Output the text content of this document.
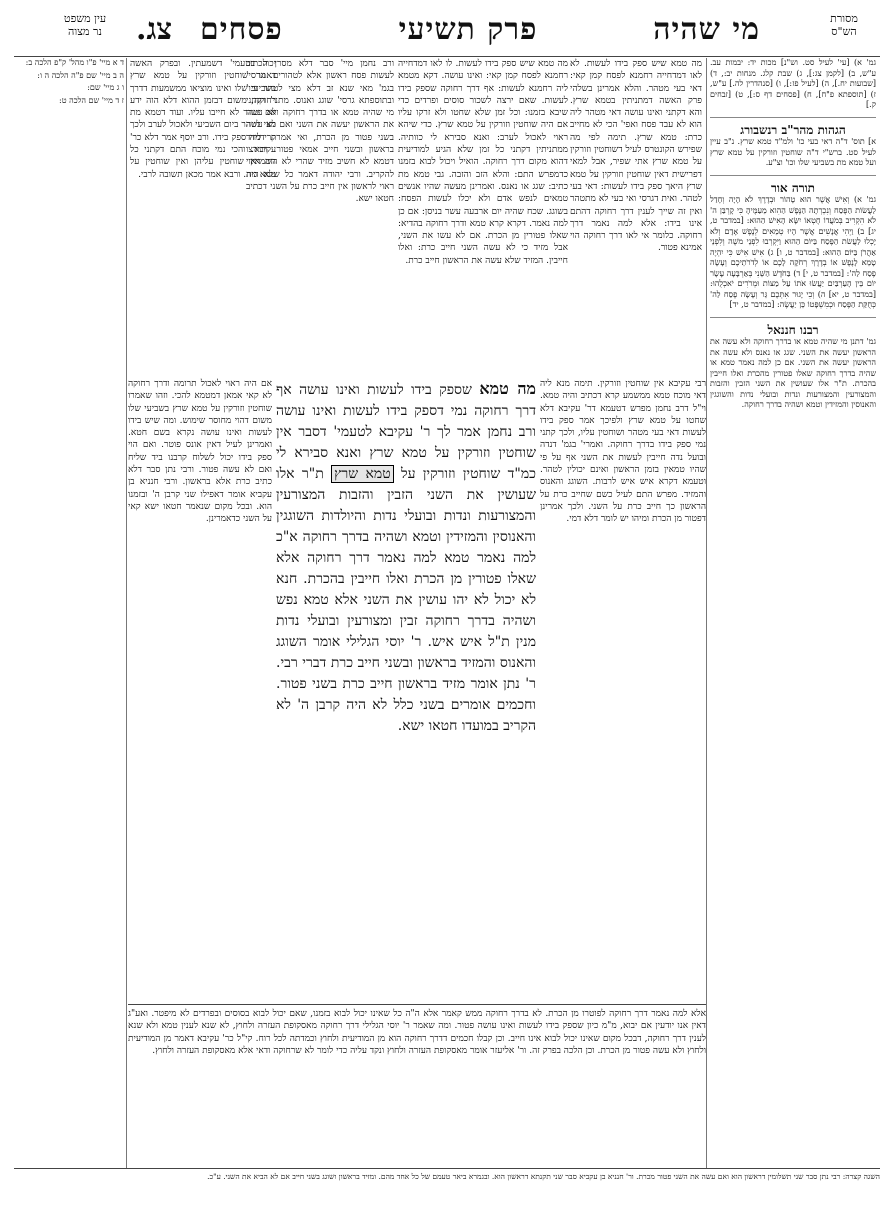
מסורת
הש"ס
מי שהיה
פרק תשיעי
פסחים
צג.
עין משפט
נר מצוה

גמ' א) [עי' לעיל סט. וש"נ] מכות יד: יבמות עב. ע"ש, ב) [לקמן צג:], ג) שבת קלג. מנחות יב:, ד) [שבועות יח.], ה) [לעיל פז:], ו) [סנהדרין לה.] ע"ש, ז) [תוספתא פ"ח], ח) [פסחים דף ס:], ט) [זבחים ק.]

הגהות מהר"ב רנשבורג

א] תוס' ד"ה דאי בעי כו' ולמ"ד טמא שרץ. נ"ב עיין לעיל סט. ברש"י ד"ה שוחטין וזורקין על טמא שרץ ועל טמא מת בשביעי שלו וכו' וצ"ע.

תורה אור

גמ' א) וְאִישׁ אֲשֶׁר הוּא טָהוֹר וּבְדֶרֶךְ לֹא הָיָה וְחָדַל לַעֲשׂוֹת הַפֶּסַח וְנִכְרְתָה הַנֶּפֶשׁ הַהִוא מֵעַמֶּיהָ כִּי קָרְבַּן ה' לֹא הִקְרִיב בְּמֹעֲדוֹ חֶטְאוֹ יִשָּׂא הָאִישׁ הַהוּא: [במדבר ט, יג] ב) וַיְהִי אֲנָשִׁים אֲשֶׁר הָיוּ טְמֵאִים לְנֶפֶשׁ אָדָם וְלֹא יָכְלוּ לַעֲשׂת הַפֶּסַח בַּיּוֹם הַהוּא וַיִּקְרְבוּ לִפְנֵי משֶׁה וְלִפְנֵי אַהֲרֹן בַּיּוֹם הַהוּא: [במדבר ט, ו] ג) אִישׁ אִישׁ כִּי יִהְיֶה טָמֵא לָנֶפֶשׁ אוֹ בְדֶרֶךְ רְחֹקָה לָכֶם אוֹ לְדֹרֹתֵיכֶם וְעָשָׂה פֶסַח לַה': [במדבר ט, י] ד) בַּחֹדֶשׁ הַשֵּׁנִי בְּאַרְבָּעָה עָשָׂר יוֹם בֵּין הָעַרְבַּיִם יַעֲשׂוּ אֹתוֹ עַל מַצּוֹת וּמְרֹרִים יֹאכְלֻהוּ: [במדבר ט, יא] ה) וְכִי יָגוּר אִתְּכֶם גֵּר וְעָשָׂה פֶסַח לַה' כְּחֻקַּת הַפֶּסַח וּכְמִשְׁפָּטוֹ כֵּן יַעֲשֶׂה: [במדבר ט, יד]

רבנו חננאל

גמ' דתנן מי שהיה טמא או בדרך רחוקה ולא עשה את הראשון יעשה את השני. שגג או נאנס ולא עשה את הראשון יעשה את השני. אם כן למה נאמר טמא או שהיה בדרך רחוקה שאלו פטורין מהכרת ואלו חייבין בהכרת. ת"ר אלו שעושין את השני הזבין והזבות והמצורעין והמצורעות ונדות ובועלי נדות והשוגגין והאנוסין והמזידין וטמא ושהיה בדרך רחוקה.

ד א מיי' פ"ו מהל' ק"פ הלכה ב:

ה ב מיי' שם פ"ה הלכה ה ו:

ו ג מיי' שם:

ז ד מיי' שם הלכה ט:

מה טמא שיש ספק בידו לעשות. לא לאו דמדחייה רחמנא לפסח קמן קאי: דאי בעי מטהר. והלא אמרינן בשלהי פרק האשה דמתניתין בטמא שרץ. והא דקתני ואינו עושה דאי מטהר ליה הוא לא עבד פסח ואפי' הכי לא מחייב כרת: טמא שרץ. תימה לפי מה שפירש הקונטרס לעיל דשוחטין וזורקין על טמא שרץ אתי שפיר, אבל למאי דפרישית דאין שוחטין וזורקין על טמא שרץ היאך ספק בידו לעשות: דאי בעי לטהר. ואית דגרסי ואי בעי לא מתטהר ואין זה שייך לענין דרך רחוקה דהתם אינו בידו: אלא למה נאמר דרך רחוקה. כלומר אי לאו דרך רחוקה הוי אמינא פטור.

מה טמא שיש ספק בידו לעשות. לו לאו דמדחייה רחמנא לפסח קמן קאי: ואינו עושה. דקא מטמא ליה רחמנא לעשות: אף דרך רחוקה שספק בידו לעשות. שאם ירצה לשכור סוסים ופרדים כדי שיבא בזמנו: וכל זמן שלא שחטו ולא זרקו עליו אם היה שוחטין וזורקין על טמא שרץ. כדי שיהא ראוי לאכול לערב: ואנא סבירא לי כוותיה. ממתניתין דקתני כל זמן שלא הגיע למודיעית דהוא מקום דרך רחוקה. הואיל ויכול לבוא בזמנו כדמפרש התם: והלא הזב והזבה. גבי טמא מת כתיב: שגג או נאנס. ואמרינן מעשה שהיו אנשים טמאים לנפש אדם ולא יכלו לעשות הפסח: בשוגג. שכח שהיה יום ארבעה עשר בניסן: אם כן למה נאמר. דקרא קרא טמא ודרך רחוקה בהדיא: שאלו פטורין מן הכרת. אם לא עשו את השני, אבל מזיד כי לא עשה השני חייב כרת: ואלו חייבין. המזיד שלא עשה את הראשון חייב כרת.

ורב נחמן מיי' סבר דלא מסרן הכתוב לעשות פסח ראשון אלא לטהורים. וגרסי' בגמ' מאי שנא זב דלא מצי לטהר וכו' ובתוספתא גרסי' שוגג ואנוס. מתני' דקתני מי שהיה טמא או בדרך רחוקה ולא עשה את הראשון יעשה את השני ואם לא עשה בשני פטור מן הכרת, ואי אמרת דמזיד בראשון ובשני חייב אמאי פטור. ותירצו דטמא לא חשיב מזיד שהרי לא היה ראוי להקריב. ורבי יהודה דאמר כל שלא היה ראוי לראשון אין חייב כרת על השני דכתיב חטאו ישא.

יכול בטעמי' דשמעתין. ובפרק האשה דאמר שוחטין וזורקין על טמא שרץ בשביעי שלו ואינו מוציאו ממשמעות דדרך רחוקה, משום דבזמן ההוא דלא הוה ידע אם יטהר לא חייבו עליו. ועוד דטמא מת מצי לטהר ביום השביעי ולאכול לערב ולכך קרי ליה ספק בידו. ורב יוסף אמר דלא כר' עקיבא. והכי נמי מוכח התם דקתני כל הטמאין שוחטין עליהן ואין שוחטין על טמא מת. ורבא אמר מכאן תשובה לרבי.

מה טמא שספק בידו לעשות ואינו עושה אף דרך רחוקה נמי דספק בידו לעשות ואינו עושה ורב נחמן אמר לך ר' עקיבא לטעמי' דסבר אין שוחטין וזורקין על טמא שרץ ואנא סבירא לי כמ"ד שוחטין וזורקין על טמא שרץ ת"ר אלו שעושין את השני הזבין והזבות המצורעין והמצורעות ונדות ובועלי נדות והיולדות השוגגין והאנוסין והמזידין וטמא ושהיה בדרך רחוקה א"כ למה נאמר טמא למה נאמר דרך רחוקה אלא שאלו פטורין מן הכרת ואלו חייבין בהכרת. חנא לא יכול לא יהו עושין את השני אלא טמא נפש ושהיה בדרך רחוקה זבין ומצורעין ובועלי נדות מנין ת"ל איש איש. ר' יוסי הגלילי אומר השוגג והאנוס והמזיד בראשון ובשני חייב כרת דברי רבי. ר' נתן אומר מזיד בראשון חייב כרת בשני פטור. וחכמים אומרים בשני כלל לא היה קרבן ה' לא הקריב במועדו חטאו ישא.

רבי עקיבא אין שוחטין וזורקין. תימה מנא ליה דאי מוכח טמא ממשמע קרא דכתיב והיה טמא. וי"ל דרב נחמן מפרש דטעמא דר' עקיבא דלא שחטו על טמא שרץ ולפיכך אמר ספק בידו לעשות דאי בעי מטהר ושוחטין עליו, ולכך קתני נמי ספק בידו בדרך רחוקה. ואמרי' בגמ' דנדה ובועל נדה חייבין לעשות את השני אף על פי שהיו טמאין בזמן הראשון ואינם יכולין לטהר. וטעמא דקרא איש איש לרבות. השוגג והאנוס והמזיד. מפרש התם לעיל כשם שחייב כרת על הראשון כך חייב כרת על השני. ולכך אמרינן דפטור מן הכרת ומיהו יש לומר דלא דמי.

אם היה ראוי לאכול תרומה ודרך רחוקה לא קאי אמאן דמטמא להכי. וזהו שאמרו שוחטין וזורקין על טמא שרץ בשביעי שלו משום דהוי מחוסר שימוש. ומה שיש בידו לעשות ואינו עושה נקרא בשם חטא. ואמרינן לעיל דאין אונס פוטר. ואם הוי ספק בידו יכול לשלוח קרבנו ביד שליח ואם לא עשה פטור. ורבי נתן סבר דלא כתיב כרת אלא בראשון. ורבי חנניא בן עקביא אומר דאפילו שני קרבן ה' ובזמנו הוא. ובכל מקום שנאמר חטאו ישא קאי על השני כדאמרינן.

אלא למה נאמר דרך רחוקה לפוטרו מן הכרת. לא בדרך רחוקה ממש קאמר אלא ה"ה כל שאינו יכול לבוא בזמנו, שאם יכול לבוא בסוסים ובפרדים לא מיפטר. ואע"ג דאין אנו יודעין אם יבוא, מ"מ כיון שספק בידו לעשות ואינו עושה פטור. ומה שאמר ר' יוסי הגלילי דרך רחוקה מאסקופת העזרה ולחוץ, לא שנא לענין טמא ולא שנא לענין דרך רחוקה, דבכל מקום שאינו יכול לבוא אינו חייב. וכן קבלו חכמים דדרך רחוקה הוא מן המודיעית ולחוץ וכמדתה לכל רוח. קי"ל כר' עקיבא דאמר מן המודיעית ולחוץ ולא עשה פטור מן הכרת. וכן הלכה בפרק זה. ור' אליעזר אומר מאסקופת העזרה ולחוץ ונקד עליה כדי לומר לא שרחוקה ודאי אלא מאסקופת העזרה ולחוץ.

השגה קצרה: רבי נתן סבר שני תשלומין דראשון הוא ואם עשה את השני פטור מכרת. ור' חנניא בן עקביא סבר שני תקנתא דראשון הוא. ובגמרא ביאר טעמם של כל אחד מהם. ומזיד בראשון ושוגג בשני חייב אם לא הביא את השני. ע"כ.
